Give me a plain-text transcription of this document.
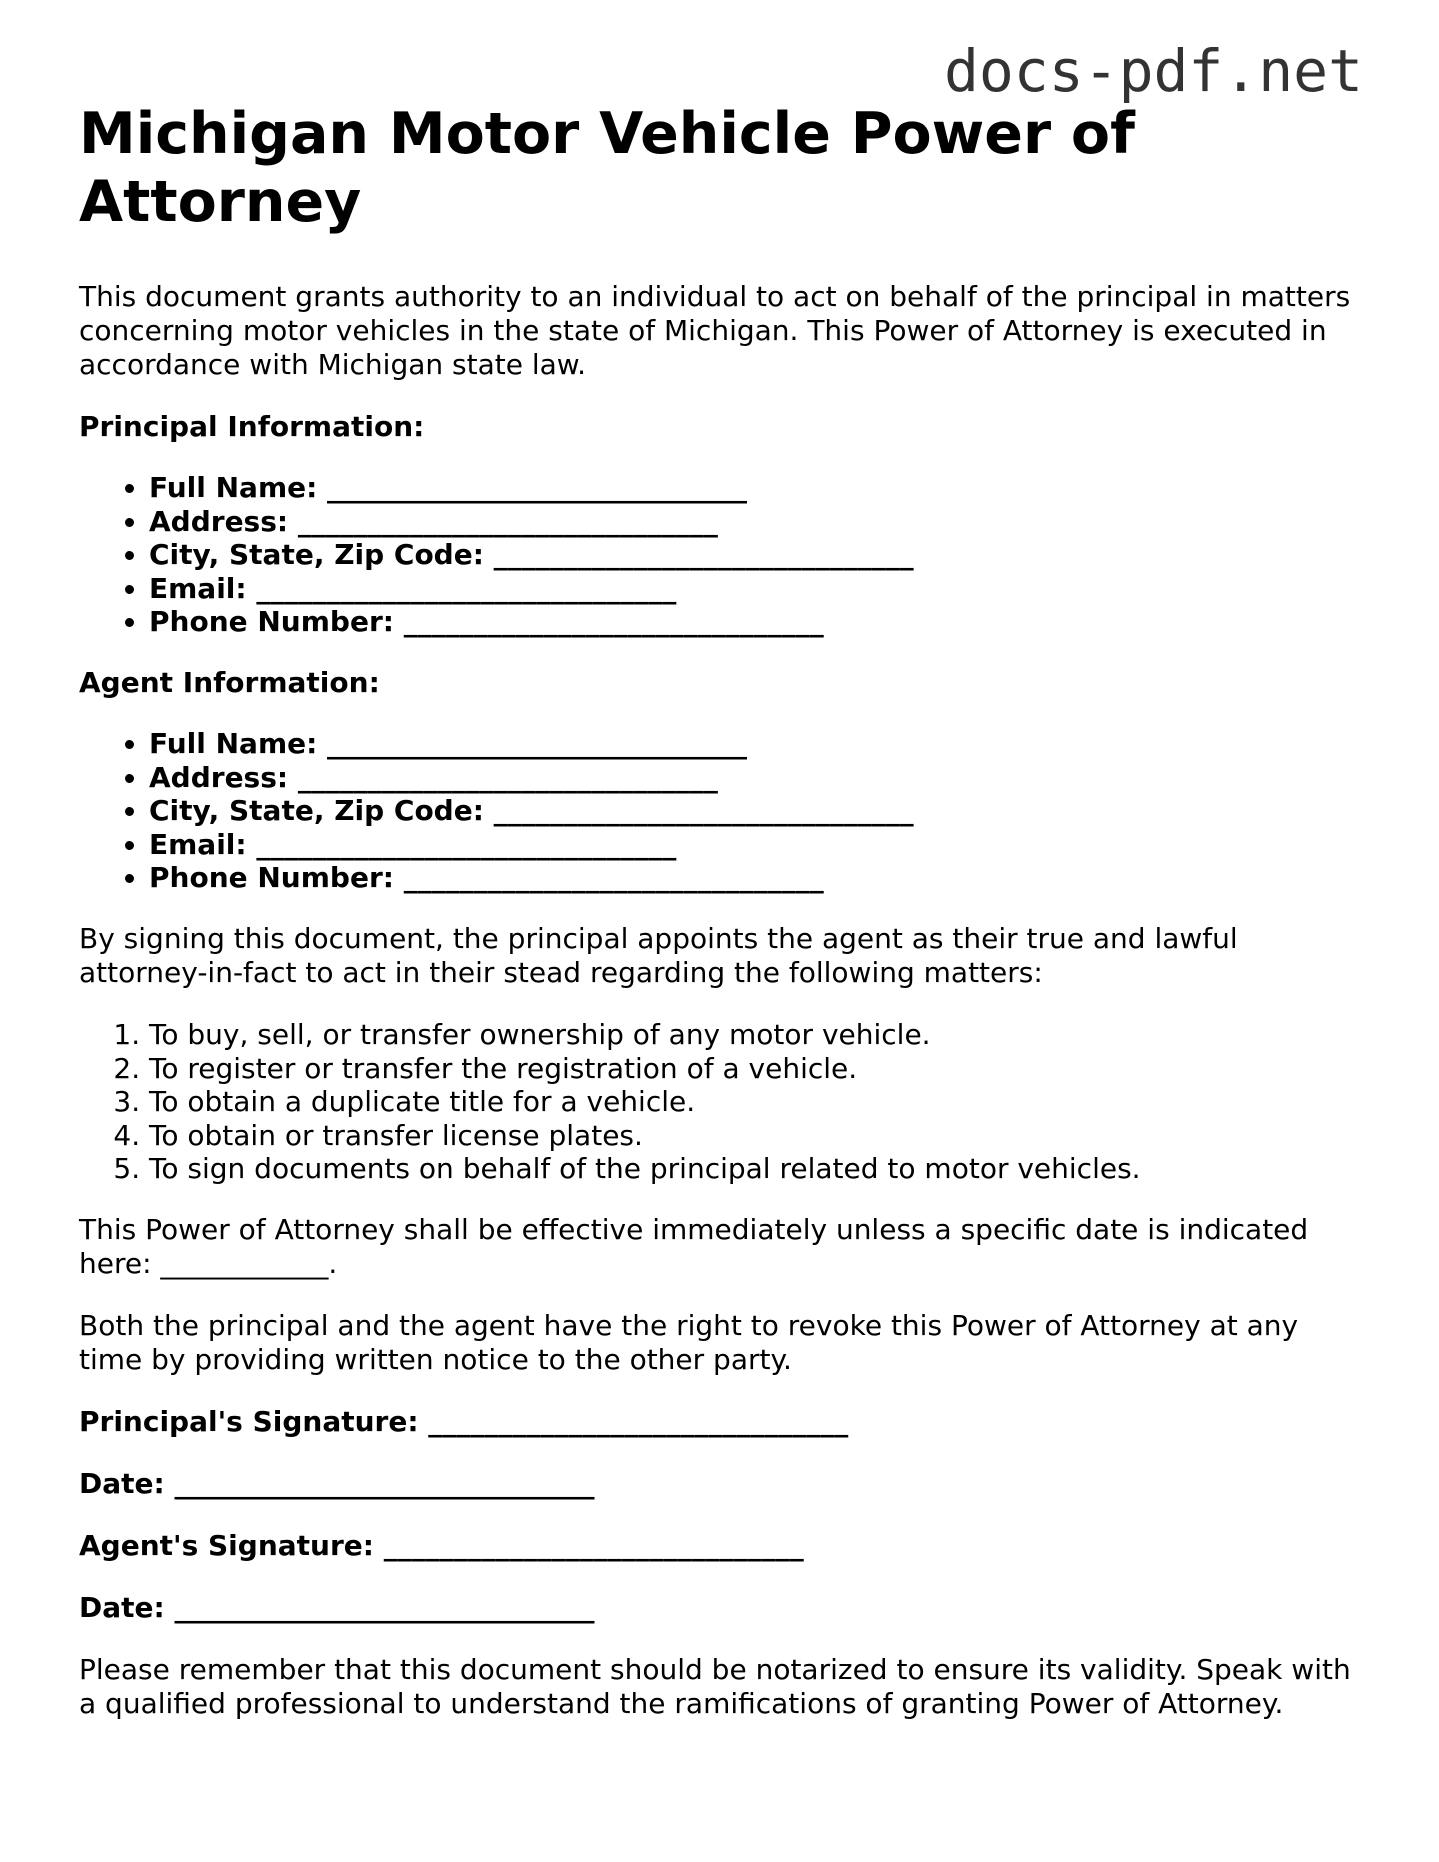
docs-pdf.net
Michigan Motor Vehicle Power of Attorney

This document grants authority to an individual to act on behalf of the principal in matters concerning motor vehicles in the state of Michigan. This Power of Attorney is executed in accordance with Michigan state law.

Principal Information:
• Full Name: ______________________________
• Address: ______________________________
• City, State, Zip Code: ______________________________
• Email: ______________________________
• Phone Number: ______________________________
Agent Information:
• Full Name: ______________________________
• Address: ______________________________
• City, State, Zip Code: ______________________________
• Email: ______________________________
• Phone Number: ______________________________

By signing this document, the principal appoints the agent as their true and lawful attorney-in-fact to act in their stead regarding the following matters:

1. To buy, sell, or transfer ownership of any motor vehicle.
2. To register or transfer the registration of a vehicle.
3. To obtain a duplicate title for a vehicle.
4. To obtain or transfer license plates.
5. To sign documents on behalf of the principal related to motor vehicles.

This Power of Attorney shall be effective immediately unless a specific date is indicated here: ____________.

Both the principal and the agent have the right to revoke this Power of Attorney at any time by providing written notice to the other party.

Principal's Signature: ______________________________
Date: ______________________________
Agent's Signature: ______________________________
Date: ______________________________

Please remember that this document should be notarized to ensure its validity. Speak with a qualified professional to understand the ramifications of granting Power of Attorney.
